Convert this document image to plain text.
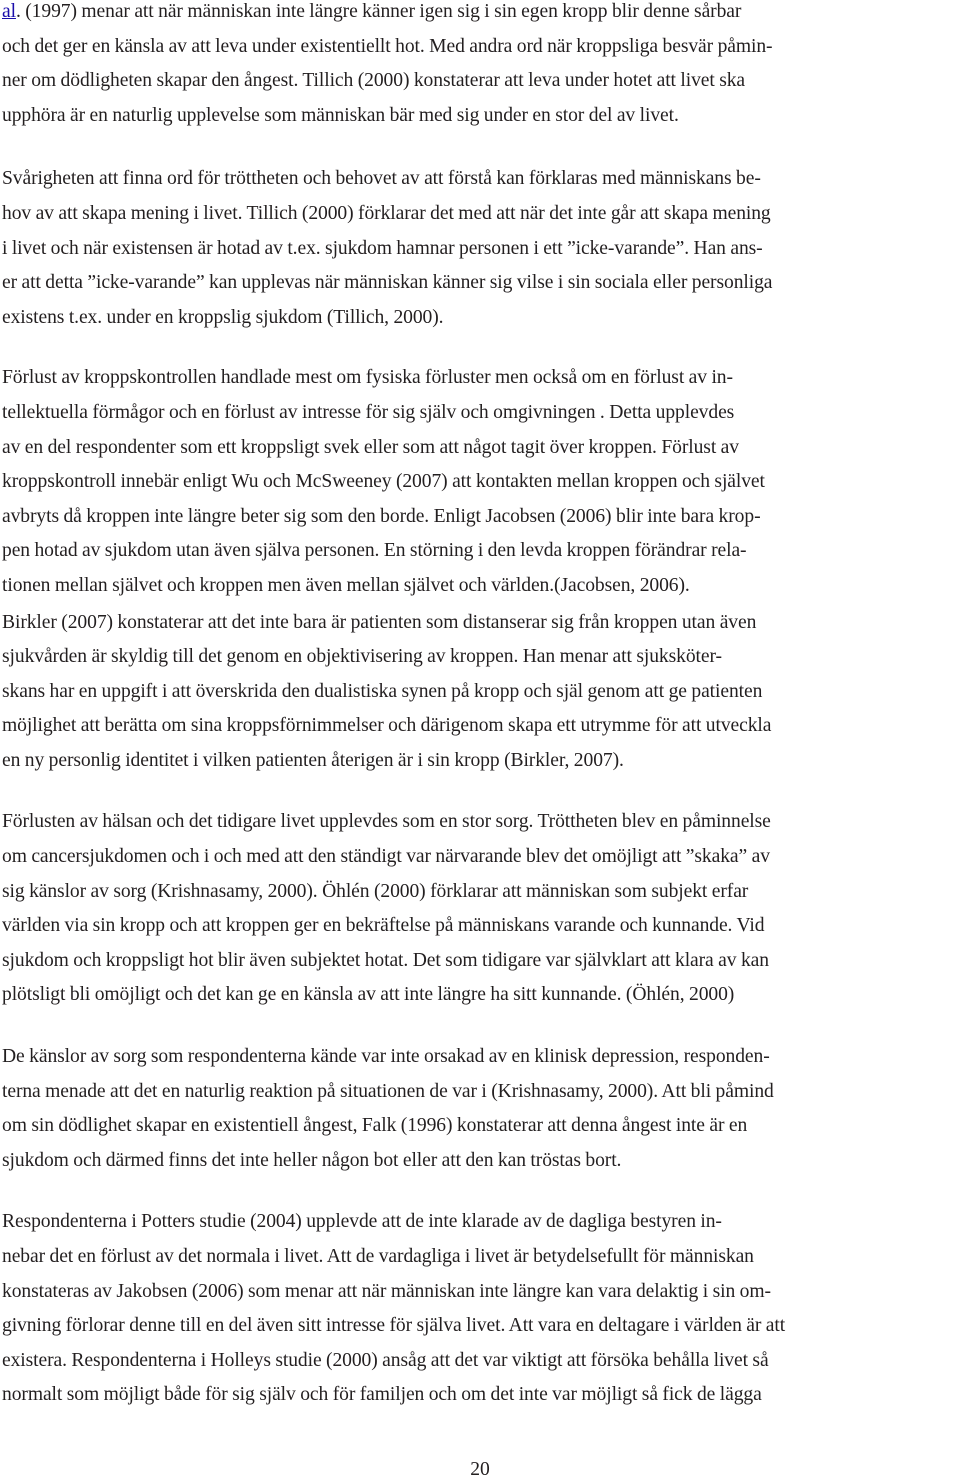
al. (1997) menar att när människan inte längre känner igen sig i sin egen kropp blir denne sårbar
och det ger en känsla av att leva under existentiellt hot. Med andra ord när kroppsliga besvär påmin-
ner om dödligheten skapar den ångest. Tillich (2000) konstaterar att leva under hotet att livet ska
upphöra är en naturlig upplevelse som människan bär med sig under en stor del av livet.

Svårigheten att finna ord för tröttheten och behovet av att förstå kan förklaras med människans be-
hov av att skapa mening i livet. Tillich (2000) förklarar det med att när det inte går att skapa mening
i livet och när existensen är hotad av t.ex. sjukdom hamnar personen i ett ”icke-varande”. Han ans-
er att detta ”icke-varande” kan upplevas när människan känner sig vilse i sin sociala eller personliga
existens t.ex. under en kroppslig sjukdom (Tillich, 2000).

Förlust av kroppskontrollen handlade mest om fysiska förluster men också om en förlust av in-
tellektuella förmågor och en förlust av intresse för sig själv och omgivningen . Detta upplevdes
av en del respondenter som ett kroppsligt svek eller som att något tagit över kroppen. Förlust av
kroppskontroll innebär enligt Wu och McSweeney (2007) att kontakten mellan kroppen och självet
avbryts då kroppen inte längre beter sig som den borde. Enligt Jacobsen (2006) blir inte bara krop-
pen hotad av sjukdom utan även själva personen. En störning i den levda kroppen förändrar rela-
tionen mellan självet och kroppen men även mellan självet och världen.(Jacobsen, 2006).

Birkler (2007) konstaterar att det inte bara är patienten som distanserar sig från kroppen utan även
sjukvården är skyldig till det genom en objektivisering av kroppen. Han menar att sjuksköter-
skans har en uppgift i att överskrida den dualistiska synen på kropp och själ genom att ge patienten
möjlighet att berätta om sina kroppsförnimmelser och därigenom skapa ett utrymme för att utveckla
en ny personlig identitet i vilken patienten återigen är i sin kropp (Birkler, 2007).

Förlusten av hälsan och det tidigare livet upplevdes som en stor sorg. Tröttheten blev en påminnelse
om cancersjukdomen och i och med att den ständigt var närvarande blev det omöjligt att ”skaka” av
sig känslor av sorg (Krishnasamy, 2000). Öhlén (2000) förklarar att människan som subjekt erfar
världen via sin kropp och att kroppen ger en bekräftelse på människans varande och kunnande. Vid
sjukdom och kroppsligt hot blir även subjektet hotat. Det som tidigare var självklart att klara av kan
plötsligt bli omöjligt och det kan ge en känsla av att inte längre ha sitt kunnande. (Öhlén, 2000)

De känslor av sorg som respondenterna kände var inte orsakad av en klinisk depression, responden-
terna menade att det en naturlig reaktion på situationen de var i (Krishnasamy, 2000). Att bli påmind
om sin dödlighet skapar en existentiell ångest, Falk (1996) konstaterar att denna ångest inte är en
sjukdom och därmed finns det inte heller någon bot eller att den kan tröstas bort.

Respondenterna i Potters studie (2004) upplevde att de inte klarade av de dagliga bestyren in-
nebar det en förlust av det normala i livet. Att de vardagliga i livet är betydelsefullt för människan
konstateras av Jakobsen (2006) som menar att när människan inte längre kan vara delaktig i sin om-
givning förlorar denne till en del även sitt intresse för själva livet. Att vara en deltagare i världen är att
existera. Respondenterna i Holleys studie (2000) ansåg att det var viktigt att försöka behålla livet så
normalt som möjligt både för sig själv och för familjen och om det inte var möjligt så fick de lägga

20
